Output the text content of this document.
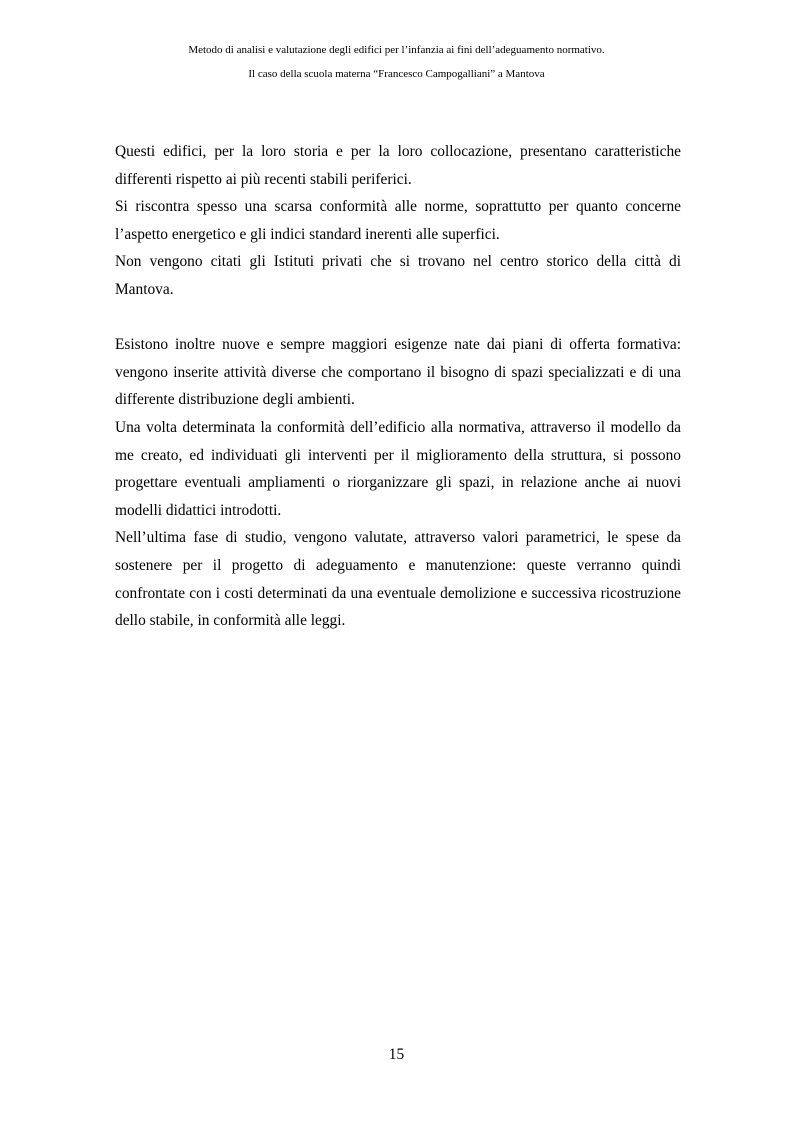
Metodo di analisi e valutazione degli edifici per l’infanzia ai fini dell’adeguamento normativo.
Il caso della scuola materna “Francesco Campogalliani” a Mantova

Questi edifici, per la loro storia e per la loro collocazione, presentano caratteristiche differenti rispetto ai più recenti stabili periferici.

Si riscontra spesso una scarsa conformità alle norme, soprattutto per quanto concerne l’aspetto energetico e gli indici standard inerenti alle superfici.

Non vengono citati gli Istituti privati che si trovano nel centro storico della città di Mantova.

Esistono inoltre nuove e sempre maggiori esigenze nate dai piani di offerta formativa: vengono inserite attività diverse che comportano il bisogno di spazi specializzati e di una differente distribuzione degli ambienti.

Una volta determinata la conformità dell’edificio alla normativa, attraverso il modello da me creato, ed individuati gli interventi per il miglioramento della struttura, si possono progettare eventuali ampliamenti o riorganizzare gli spazi, in relazione anche ai nuovi modelli didattici introdotti.

Nell’ultima fase di studio, vengono valutate, attraverso valori parametrici, le spese da sostenere per il progetto di adeguamento e manutenzione: queste verranno quindi confrontate con i costi determinati da una eventuale demolizione e successiva ricostruzione dello stabile, in conformità alle leggi.

15
